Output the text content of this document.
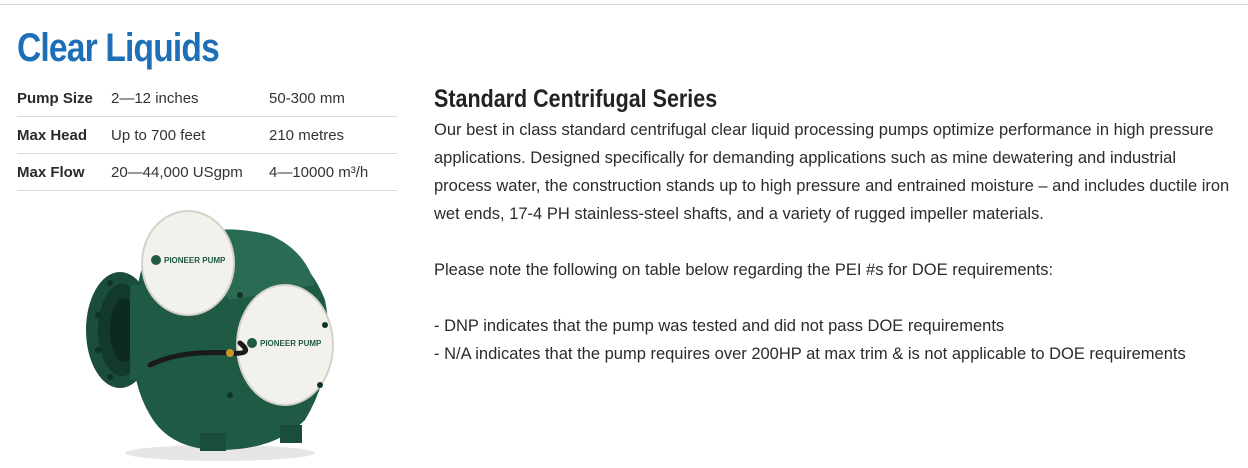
Clear Liquids
Pump Size	2—12 inches	50-300 mm
Max Head	Up to 700 feet	210 metres
Max Flow	20—44,000 USgpm	4—10000 m³/h
PIONEER PUMP
PIONEER PUMP
Standard Centrifugal Series

Our best in class standard centrifugal clear liquid processing pumps optimize performance in high pressure applications. Designed specifically for demanding applications such as mine dewatering and industrial process water, the construction stands up to high pressure and entrained moisture – and includes ductile iron wet ends, 17-4 PH stainless-steel shafts, and a variety of rugged impeller materials.

Please note the following on table below regarding the PEI #s for DOE requirements:

- DNP indicates that the pump was tested and did not pass DOE requirements
- N/A indicates that the pump requires over 200HP at max trim & is not applicable to DOE requirements
